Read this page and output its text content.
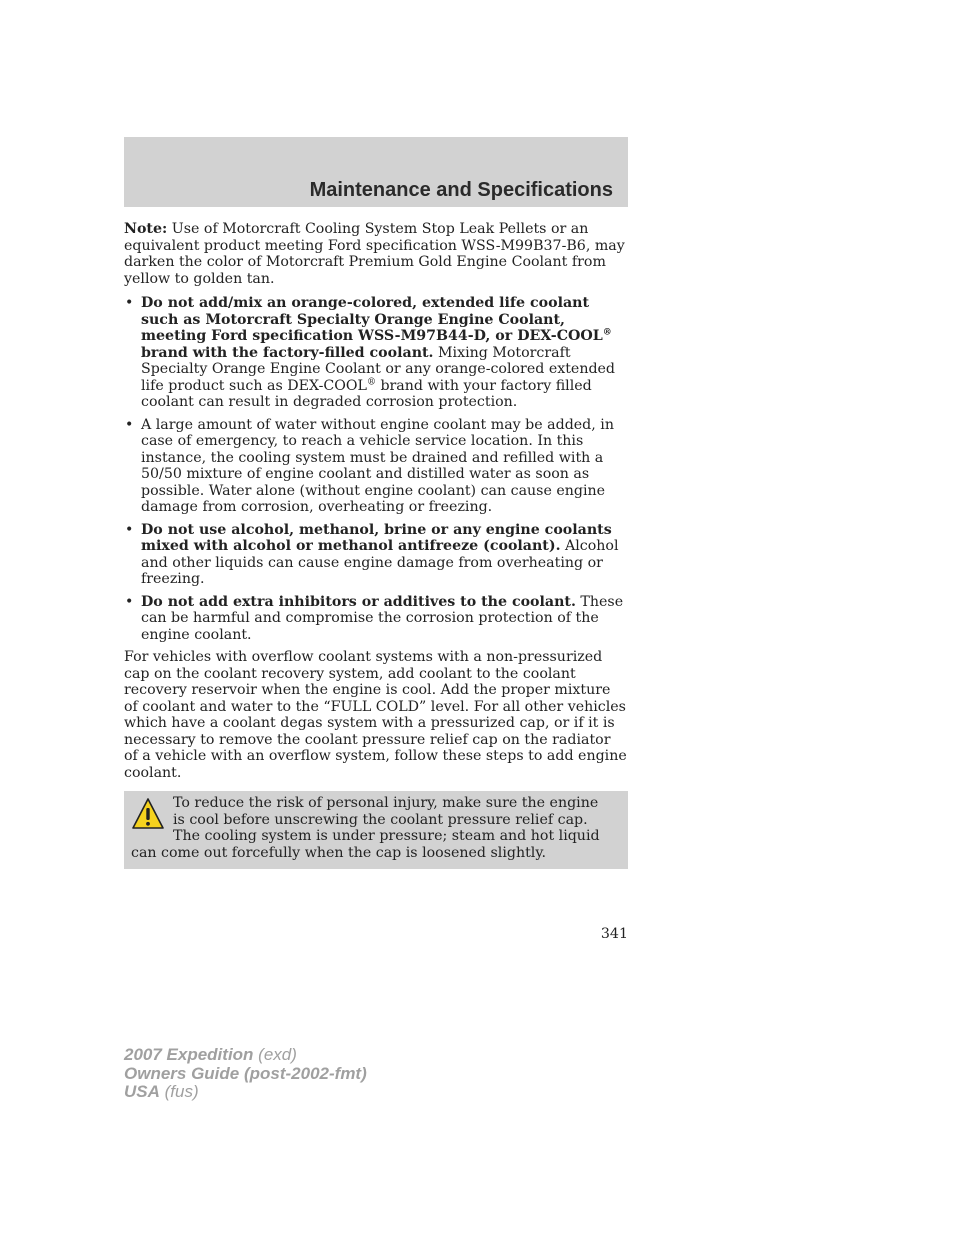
Maintenance and Specifications

Note: Use of Motorcraft Cooling System Stop Leak Pellets or an equivalent product meeting Ford specification WSS-M99B37-B6, may darken the color of Motorcraft Premium Gold Engine Coolant from yellow to golden tan.

• Do not add/mix an orange-colored, extended life coolant such as Motorcraft Specialty Orange Engine Coolant, meeting Ford specification WSS-M97B44-D, or DEX-COOL® brand with the factory-filled coolant. Mixing Motorcraft Specialty Orange Engine Coolant or any orange-colored extended life product such as DEX-COOL® brand with your factory filled coolant can result in degraded corrosion protection.
• A large amount of water without engine coolant may be added, in case of emergency, to reach a vehicle service location. In this instance, the cooling system must be drained and refilled with a 50/50 mixture of engine coolant and distilled water as soon as possible. Water alone (without engine coolant) can cause engine damage from corrosion, overheating or freezing.
• Do not use alcohol, methanol, brine or any engine coolants mixed with alcohol or methanol antifreeze (coolant). Alcohol and other liquids can cause engine damage from overheating or freezing.
• Do not add extra inhibitors or additives to the coolant. These can be harmful and compromise the corrosion protection of the engine coolant.

For vehicles with overflow coolant systems with a non-pressurized cap on the coolant recovery system, add coolant to the coolant recovery reservoir when the engine is cool. Add the proper mixture of coolant and water to the “FULL COLD” level. For all other vehicles which have a coolant degas system with a pressurized cap, or if it is necessary to remove the coolant pressure relief cap on the radiator of a vehicle with an overflow system, follow these steps to add engine coolant.

To reduce the risk of personal injury, make sure the engine is cool before unscrewing the coolant pressure relief cap. The cooling system is under pressure; steam and hot liquid can come out forcefully when the cap is loosened slightly.
341
2007 Expedition (exd)
Owners Guide (post-2002-fmt)
USA (fus)
